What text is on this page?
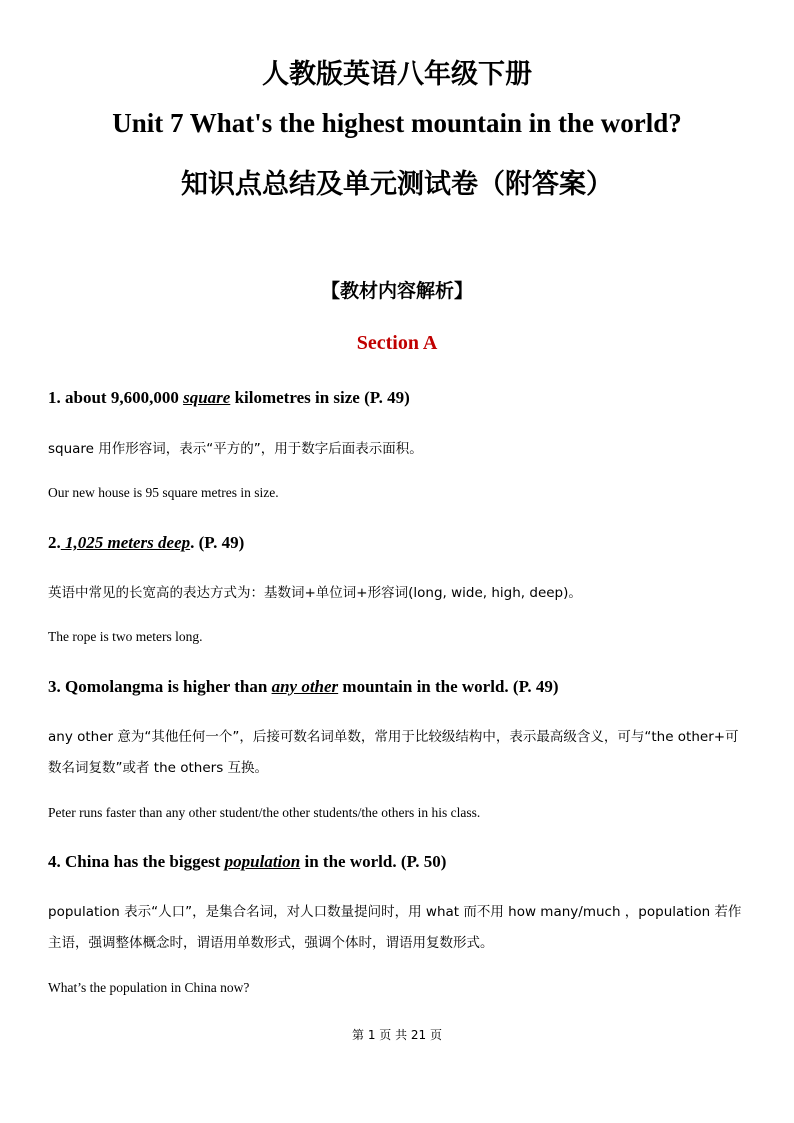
人教版英语八年级下册
Unit 7 What's the highest mountain in the world?
知识点总结及单元测试卷（附答案）
【教材内容解析】
Section A
1. about 9,600,000 square kilometres in size (P. 49)
square 用作形容词，表示“平方的”，用于数字后面表示面积。
Our new house is 95 square metres in size.
2. 1,025 meters deep. (P. 49)
英语中常见的长宽高的表达方式为：基数词+单位词+形容词(long, wide, high, deep)。
The rope is two meters long.
3. Qomolangma is higher than any other mountain in the world. (P. 49)
any other 意为“其他任何一个”，后接可数名词单数，常用于比较级结构中，表示最高级含义，可与“the other+可数名词复数”或者 the others 互换。
Peter runs faster than any other student/the other students/the others in his class.
4. China has the biggest population in the world. (P. 50)
population 表示“人口”，是集合名词，对人口数量提问时，用 what 而不用 how many/much ，population 若作主语，强调整体概念时，谓语用单数形式，强调个体时，谓语用复数形式。
What’s the population in China now?
第 1 页 共 21 页
